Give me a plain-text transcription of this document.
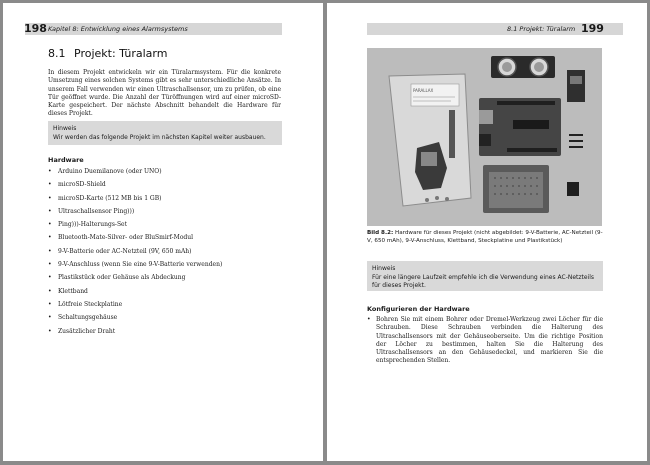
198 Kapitel 8: Entwicklung eines Alarmsystems
8.1 Projekt: Türalarm
In diesem Projekt entwickeln wir ein Türalarmsystem. Für die konkrete Umsetzung eines solchen Systems gibt es sehr unterschiedliche Ansätze. In unserem Fall verwenden wir einen Ultraschallsensor, um zu prüfen, ob eine Tür geöffnet wurde. Die Anzahl der Türöffnungen wird auf einer microSD-Karte gespeichert. Der nächste Abschnitt behandelt die Hardware für dieses Projekt.
Hinweis
Wir werden das folgende Projekt im nächsten Kapitel weiter ausbauen.
Hardware
• Arduino Duemilanove (oder UNO)
• microSD-Shield
• microSD-Karte (512 MB bis 1 GB)
• Ultraschallsensor Ping)))
• Ping)))-Halterungs-Set
• Bluetooth-Mate-Silver- oder BluSmirf-Modul
• 9-V-Batterie oder AC-Netzteil (9V, 650 mAh)
• 9-V-Anschluss (wenn Sie eine 9-V-Batterie verwenden)
• Plastikstück oder Gehäuse als Abdeckung
• Klettband
• Lötfreie Steckplatine
• Schaltungsgehäuse
• Zusätzlicher Draht
8.1 Projekt: Türalarm 199
PARALLAX
Bild 8.2: Hardware für dieses Projekt (nicht abgebildet: 9-V-Batterie, AC-Netzteil (9-V, 650 mAh), 9-V-Anschluss, Klettband, Steckplatine und Plastikstück)
Hinweis
Für eine längere Laufzeit empfehle ich die Verwendung eines AC-Netzteils für dieses Projekt.
Konfigurieren der Hardware
• Bohren Sie mit einem Bohrer oder Dremel-Werkzeug zwei Löcher für die Schrauben. Diese Schrauben verbinden die Halterung des Ultraschallsensors mit der Gehäuseoberseite. Um die richtige Position der Löcher zu bestimmen, halten Sie die Halterung des Ultraschallsensors an den Gehäusedeckel, und markieren Sie die entsprechenden Stellen.
